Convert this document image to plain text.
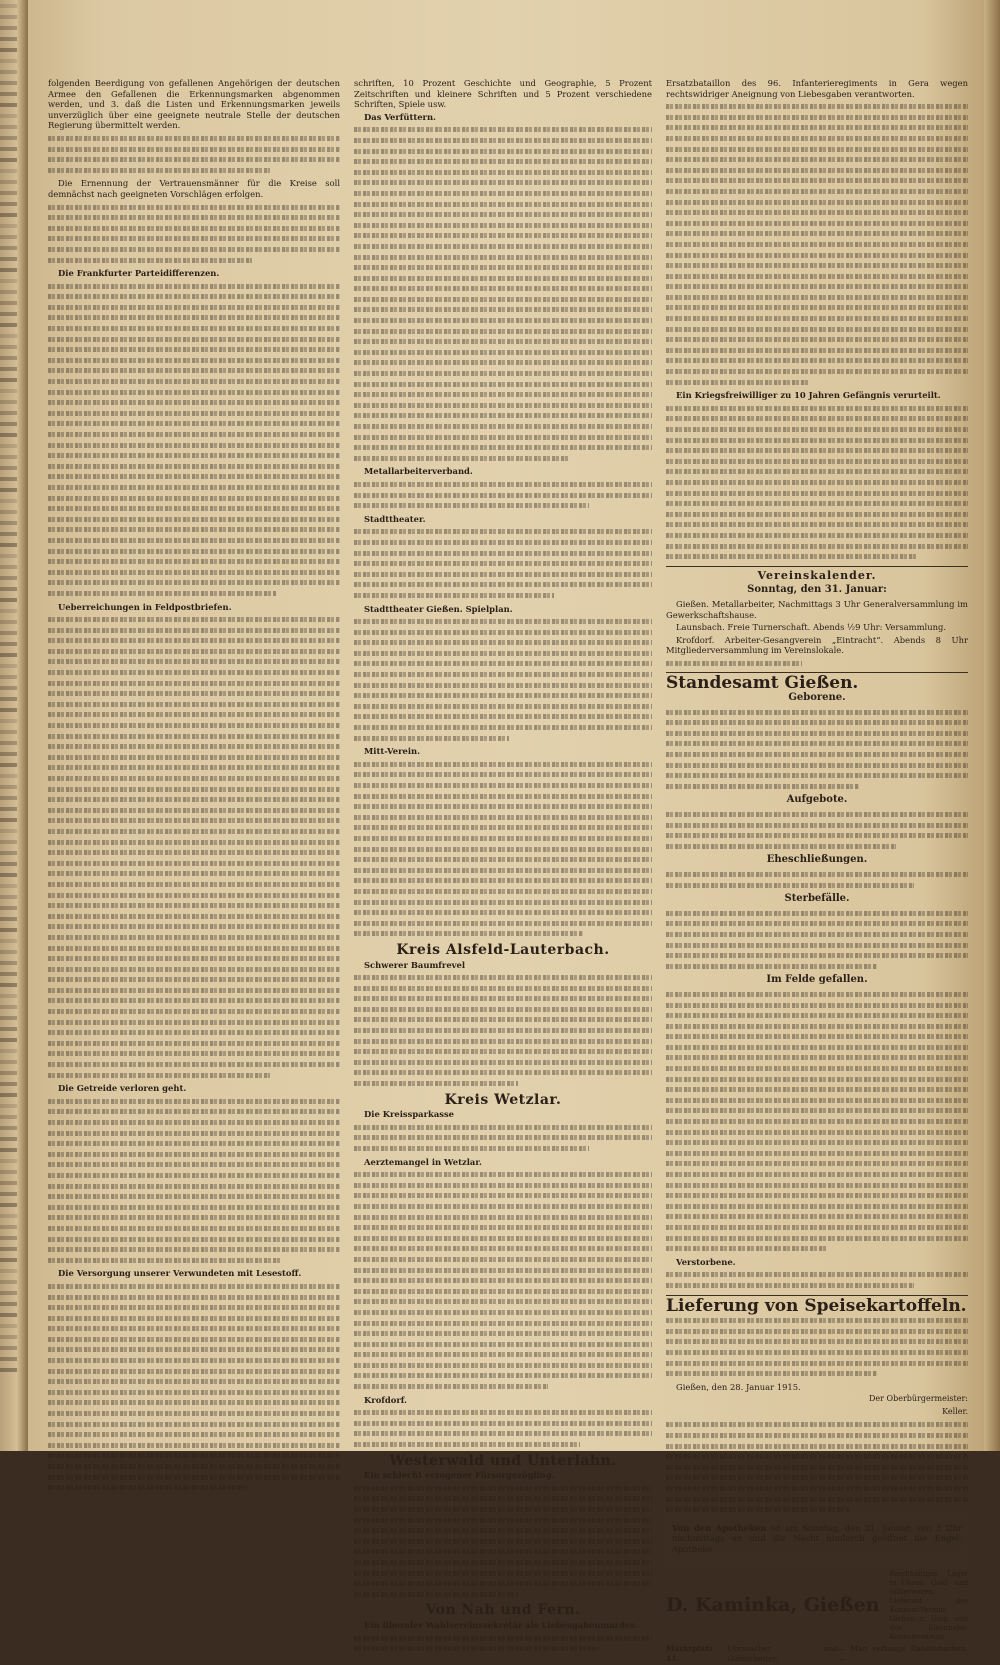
folgenden Beerdigung von gefallenen Angehörigen der deutschen Armee den Gefallenen die Erkennungsmarken abgenommen werden, und 3. daß die Listen und Erkennungsmarken jeweils unverzüglich über eine geeignete neutrale Stelle der deutschen Regierung übermittelt werden.

Die Ernennung der Vertrauensmänner für die Kreise soll demnächst nach geeigneten Vorschlägen erfolgen.

Die Frankfurter Parteidifferenzen.

Ueberreichungen in Feldpostbriefen.

Die Getreide verloren geht.

Die Versorgung unserer Verwundeten mit Lesestoff.

schriften, 10 Prozent Geschichte und Geographie, 5 Prozent Zeitschriften und kleinere Schriften und 5 Prozent verschiedene Schriften, Spiele usw.

Das Verfüttern.

Metallarbeiterverband.

Stadttheater.

Stadttheater Gießen. Spielplan.

Mitt-Verein.

Kreis Alsfeld-Lauterbach.

Schwerer Baumfrevel

Kreis Wetzlar.

Die Kreissparkasse

Aerztemangel in Wetzlar.

Krofdorf.

Westerwald und Unterlahn.

Ein schlecht erzogener Fürsorgezögling.

Von Nah und Fern.

Ein liberaler Wahlvereinssekretär als Liebesgabenmarder.

Ersatzbataillon des 96. Infanterieregiments in Gera wegen rechtswidriger Aneignung von Liebesgaben verantworten.

Ein Kriegsfreiwilliger zu 10 Jahren Gefängnis verurteilt.

Vereinskalender.
Sonntag, den 31. Januar:

Gießen. Metallarbeiter, Nachmittags 3 Uhr Generalversammlung im Gewerkschaftshause.

Launsbach. Freie Turnerschaft. Abends ½9 Uhr: Versammlung.

Krofdorf. Arbeiter-Gesangverein „Eintracht“. Abends 8 Uhr Mitgliederversammlung im Vereinslokale.

Standesamt Gießen.
Geborene.
Aufgebote.
Eheschließungen.
Sterbefälle.
Im Felde gefallen.

Verstorbene.

Lieferung von Speisekartoffeln.

Gießen, den 28. Januar 1915.

Der Oberbürgermeister:
Keller.
Von den Apotheken ist am Sonntag, den 31. Januar, von 3 Uhr nachmittags an und die Nacht hindurch geöffnet die Engel-Apotheke.
D. Kaminka, Gießen
Reichhaltiges Lager in Uhren, Gold- und Silberwaren. Lieferant des Konsum-Vereins Gießen u. Umg. und des Eisenbahn-Konsumvereins.
Marktplatz 11.
Uhrmacher und Goldarbeiter.
— Man verlange Rabattmarken. —
